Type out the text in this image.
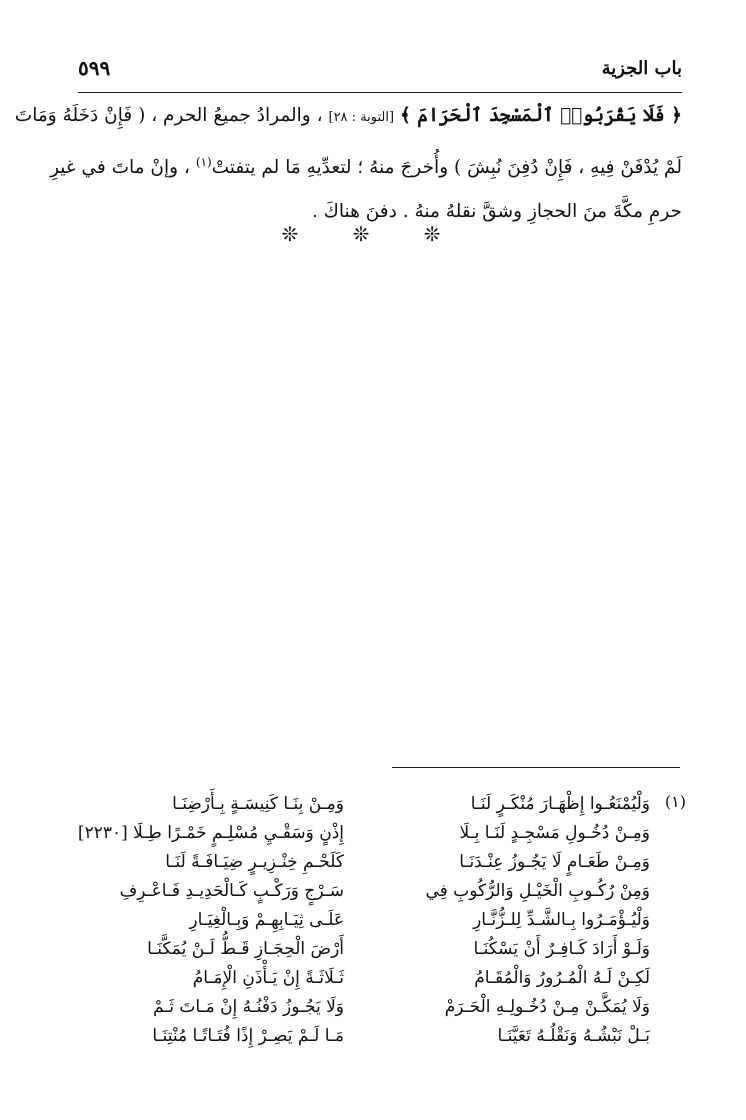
٥٩٩	باب الجزية
﴿ فَلَا يَقْرَبُوا۟ ٱلْمَسْجِدَ ٱلْحَرَامَ ﴾ [التوبة : ٢٨] ، والمرادُ جميعُ الحرم ، ( فَإِنْ دَخَلَهُ وَمَاتَ
لَمْ يُدْفَنْ فِيهِ ، فَإِنْ دُفِنَ نُبِشَ ) وأُخرجَ منهُ ؛ لتعدِّيهِ مَا لم يتفتتْ$^{(١)}$ ، وإنْ ماتَ في غيرِ
حرمِ مكَّةَ منَ الحجازِ وشقَّ نقلهُ منهُ . دفنَ هناكَ .
❊ ❊ ❊
(١)
وَلْيُمْنَعُـوا إِظْهَـارَ مُنْكَـرٍ لَنَـا
وَمِـنْ دُخُـولِ مَسْجِـدٍ لَنَـا بِـلَا
وَمِـنْ طَعَـامٍ لَا يَجُـوزُ عِنْـدَنَـا
وَمِنْ رُكُـوبِ الْخَيْـلِ وَالرُّكُوبِ فِي
وَلْيُـؤْمَـرُوا بِـالشَّـدِّ لِلـزُّنَّـارِ
وَلَـوْ أَرَادَ كَـافِـرٌ أَنْ يَسْكُنَـا
لَكِـنْ لَـهُ الْمُـرُورُ وَالْمُقَـامُ
وَلَا يُمَكَّـنْ مِـنْ دُخُـولِـهِ الْحَـرَمْ
بَـلْ نَبْشُـهُ وَنَقْلُـهُ تَعَيَّنَـا
وَمِـنْ بِنَـا كَنِيسَـةٍ بِـأَرْضِنَـا
إِذْنٍ وَسَقْـيِ مُسْلِـمٍ خَمْـرًا طِـلَا [٢٢٣٠]
كَلَحْـمِ خِنْـزِيـرٍ ضِيَـافَـةً لَنَـا
سَـرْجٍ وَرَكْـبٍ كَـالْحَدِيـدِ فَـاعْـرِفِ
عَلَـى ثِيَـابِهِـمْ وَبِـالْغِيَـارِ
أَرْضَ الْحِجَـازِ قَـطُّ لَـنْ يُمَكَّنَـا
ثَـلَاثَـةً إِنْ يَـأْذَنِ الْإِمَـامُ
وَلَا يَجُـوزُ دَفْنُـهُ إِنْ مَـاتَ ثَـمْ
مَـا لَـمْ يَصِـرْ إِذًا فُتَـاتًـا مُنْتِنَـا
